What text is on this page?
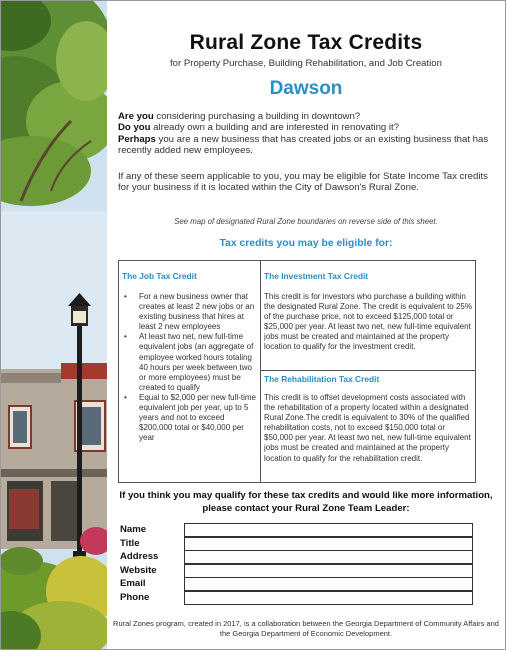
Rural Zone Tax Credits
for Property Purchase, Building Rehabilitation, and Job Creation
Dawson

Are you considering purchasing a building in downtown?

Do you already own a building and are interested in renovating it?

Perhaps you are a new business that has created jobs or an existing business that has recently added new employees.

If any of these seem applicable to you, you may be eligible for State Income Tax credits for your business if it is located within the City of Dawson's Rural Zone.
See map of designated Rural Zone boundaries on reverse side of this sheet.
Tax credits you may be eligible for:
The Job Tax Credit
•	For a new business owner that creates at least 2 new jobs or an existing business that hires at least 2 new employees
•	At least two net, new full-time equivalent jobs (an aggregate of employee worked hours totaling 40 hours per week between two or more employees) must be created to qualify
•	Equal to $2,000 per new full-time equivalent job per year, up to 5 years and not to exceed $200,000 total or $40,000 per year
The Investment Tax Credit
This credit is for investors who purchase a building within the designated Rural Zone. The credit is equivalent to 25% of the purchase price, not to exceed $125,000 total or $25,000 per year. At least two net, new full-time equivalent jobs must be created and maintained at the property location to qualify for the investment credit.
The Rehabilitation Tax Credit
This credit is to offset development costs associated with the rehabilitation of a property located within a designated Rural Zone.The credit is equivalent to 30% of the qualified rehabilitation costs, not to exceed $150,000 total or $50,000 per year. At least two net, new full-time equivalent jobs must be created and maintained at the property location to qualify for the rehabilitation credit.
If you think you may qualify for these tax credits and would like more information, please contact your Rural Zone Team Leader:
Name
Title
Address
Website
Email
Phone
Rural Zones program, created in 2017, is a collaboration between the Georgia Department of Community Affairs and the Georgia Department of Economic Development.
